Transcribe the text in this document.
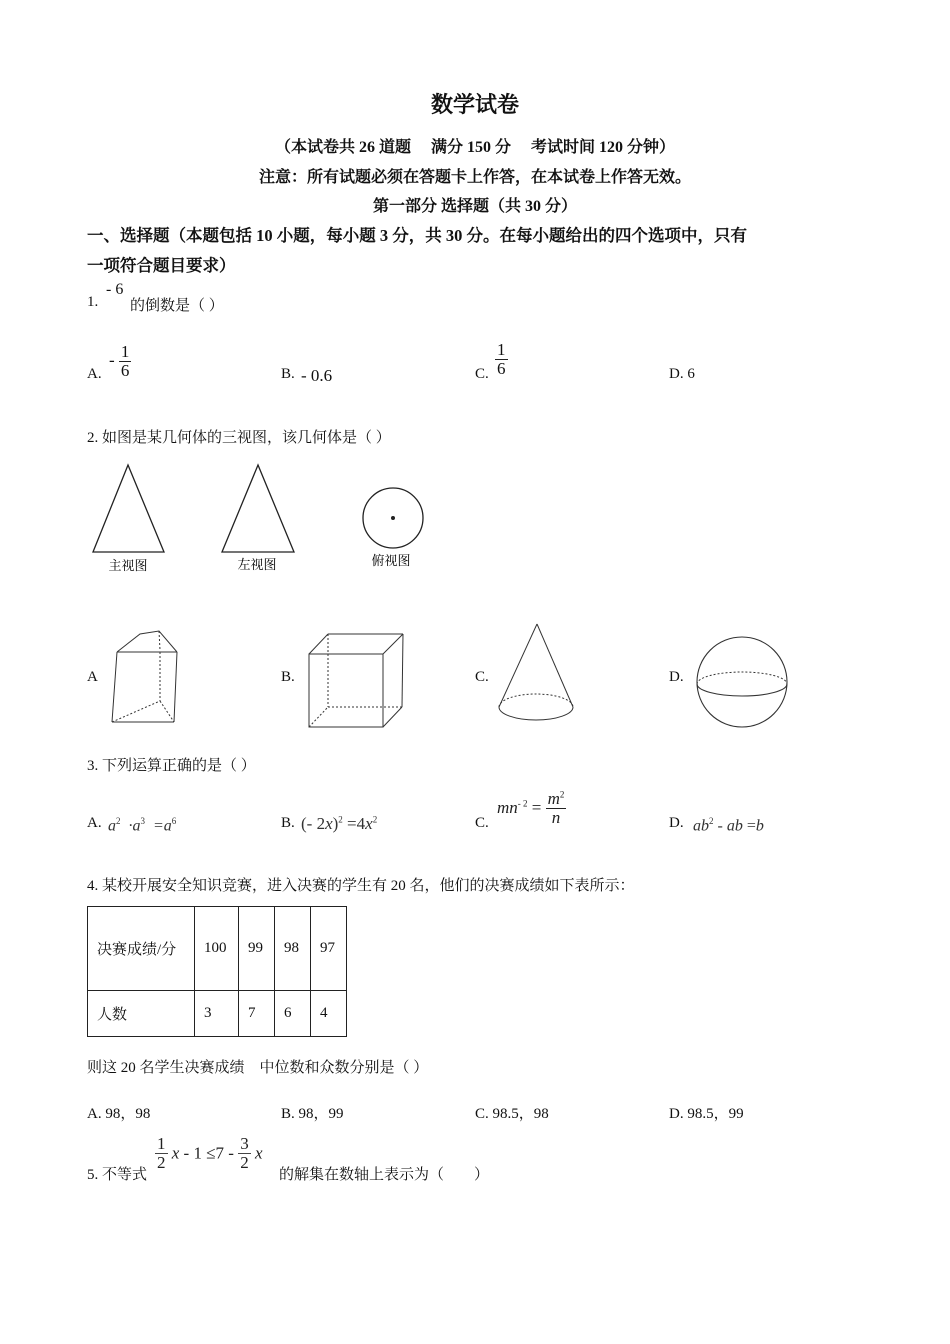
数学试卷
（本试卷共 26 道题　 满分 150 分　 考试时间 120 分钟）
注意：所有试题必须在答题卡上作答，在本试卷上作答无效。
第一部分 选择题（共 30 分）
一、选择题（本题包括 10 小题，每小题 3 分，共 30 分。在每小题给出的四个选项中，只有
一项符合题目要求）
1.
- 6
的倒数是（ ）
A.
- $\frac{1}{6}$	B. - 0.6	C. $\frac{1}{6}$	D. 6
2. 如图是某几何体的三视图，该几何体是（ ）
主视图	左视图	俯视图
A	B.	C.	D.
3. 下列运算正确的是（ ）
A. $a^2 \cdot a^3 =a^6$	B. (- $2x)^2 =4x^2$	C.
$mn^{- 2} = \frac{m^2}{n}$	D. $ab^2$ - ab =b
4. 某校开展安全知识竞赛，进入决赛的学生有 20 名，他们的决赛成绩如下表所示：
决赛成绩/分	100	99	98	97
人数	3	7	6	4
则这 20 名学生决赛成绩　中位数和众数分别是（ ）
A. 98，98	B. 98，99	C. 98.5，98	D. 98.5，99
5. 不等式
$\frac{1}{2}$ $x - 1 \le 7 - \frac{3}{2}$ x
的解集在数轴上表示为（　　）
